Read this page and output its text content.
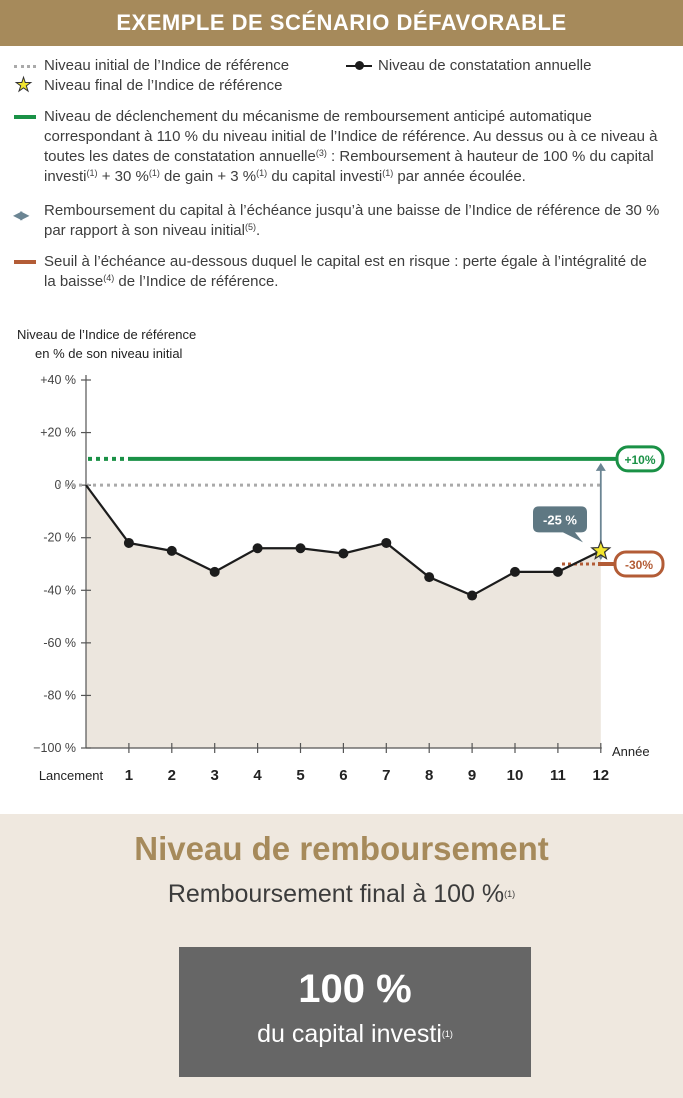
EXEMPLE DE SCÉNARIO DÉFAVORABLE
Niveau initial de l’Indice de référence	Niveau de constatation annuelle
★ Niveau final de l’Indice de référence
Niveau de déclenchement du mécanisme de remboursement anticipé automatique correspondant à 110 % du niveau initial de l’Indice de référence. Au dessus ou à ce niveau à toutes les dates de constatation annuelle$^{(3)}$ : Remboursement à hauteur de 100 % du capital investi$^{(1)}$ + 30 %$^{(1)}$ de gain + 3 %$^{(1)}$ du capital investi$^{(1)}$ par année écoulée.
◀▶ Remboursement du capital à l’échéance jusqu’à une baisse de l’Indice de référence de 30 % par rapport à son niveau initial$^{(5)}$.
Seuil à l’échéance au-dessous duquel le capital est en risque : perte égale à l’intégralité de la baisse$^{(4)}$ de l’Indice de référence.
Niveau de l’Indice de référence
en % de son niveau initial
+40 %
+20 %
0 %
-20 %
-40 %
-60 %
-80 %
−100 %
Lancement 1 2 3 4 5 6 7 8 9 10 11 12
Année
+10%
-30%
-25 %
Niveau de remboursement
Remboursement final à 100 %$^{(1)}$
100 %
du capital investi$^{(1)}$
